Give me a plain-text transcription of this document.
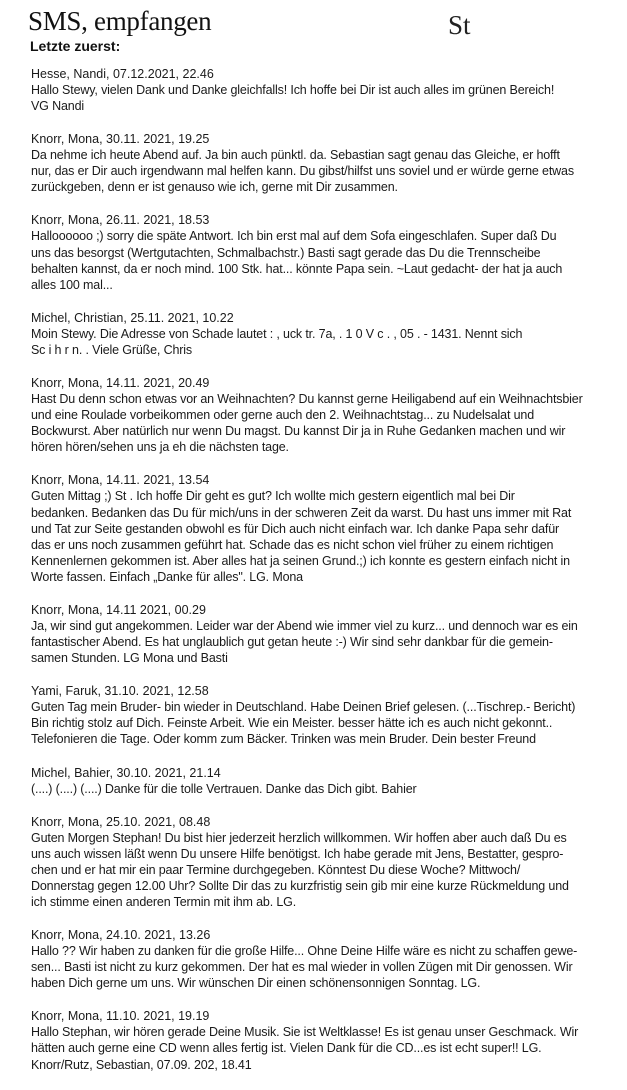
SMS, empfangen	St
Letzte zuerst:
Hesse, Nandi, 07.12.2021, 22.46
Hallo Stewy, vielen Dank und Danke gleichfalls! Ich hoffe bei Dir ist auch alles im grünen Bereich!
VG Nandi
Knorr, Mona, 30.11. 2021, 19.25
Da nehme ich heute Abend auf. Ja bin auch pünktl. da. Sebastian sagt genau das Gleiche, er hofft
nur, das er Dir auch irgendwann mal helfen kann. Du gibst/hilfst uns soviel und er würde gerne etwas
zurückgeben, denn er ist genauso wie ich, gerne mit Dir zusammen.
Knorr, Mona, 26.11. 2021, 18.53
Halloooooo ;) sorry die späte Antwort. Ich bin erst mal auf dem Sofa eingeschlafen. Super daß Du
uns das besorgst (Wertgutachten, Schmalbachstr.) Basti sagt gerade das Du die Trennscheibe
behalten kannst, da er noch mind. 100 Stk. hat... könnte Papa sein. ~Laut gedacht- der hat ja auch
alles 100 mal...
Michel, Christian, 25.11. 2021, 10.22
Moin Stewy. Die Adresse von Schade lautet : , uck tr. 7a, . 1 0 V c . , 05 . - 1431. Nennt sich
Sc i h r n. . Viele Grüße, Chris
Knorr, Mona, 14.11. 2021, 20.49
Hast Du denn schon etwas vor an Weihnachten? Du kannst gerne Heiligabend auf ein Weihnachtsbier
und eine Roulade vorbeikommen oder gerne auch den 2. Weihnachtstag... zu Nudelsalat und
Bockwurst. Aber natürlich nur wenn Du magst. Du kannst Dir ja in Ruhe Gedanken machen und wir
hören hören/sehen uns ja eh die nächsten tage.
Knorr, Mona, 14.11. 2021, 13.54
Guten Mittag ;) St . Ich hoffe Dir geht es gut? Ich wollte mich gestern eigentlich mal bei Dir
bedanken. Bedanken das Du für mich/uns in der schweren Zeit da warst. Du hast uns immer mit Rat
und Tat zur Seite gestanden obwohl es für Dich auch nicht einfach war. Ich danke Papa sehr dafür
das er uns noch zusammen geführt hat. Schade das es nicht schon viel früher zu einem richtigen
Kennenlernen gekommen ist. Aber alles hat ja seinen Grund.;) ich konnte es gestern einfach nicht in
Worte fassen. Einfach „Danke für alles". LG. Mona
Knorr, Mona, 14.11 2021, 00.29
Ja, wir sind gut angekommen. Leider war der Abend wie immer viel zu kurz... und dennoch war es ein
fantastischer Abend. Es hat unglaublich gut getan heute :-) Wir sind sehr dankbar für die gemein-
samen Stunden. LG Mona und Basti
Yami, Faruk, 31.10. 2021, 12.58
Guten Tag mein Bruder- bin wieder in Deutschland. Habe Deinen Brief gelesen. (...Tischrep.- Bericht)
Bin richtig stolz auf Dich. Feinste Arbeit. Wie ein Meister. besser hätte ich es auch nicht gekonnt..
Telefonieren die Tage. Oder komm zum Bäcker. Trinken was mein Bruder. Dein bester Freund
Michel, Bahier, 30.10. 2021, 21.14
(....) (....) (....) Danke für die tolle Vertrauen. Danke das Dich gibt. Bahier
Knorr, Mona, 25.10. 2021, 08.48
Guten Morgen Stephan! Du bist hier jederzeit herzlich willkommen. Wir hoffen aber auch daß Du es
uns auch wissen läßt wenn Du unsere Hilfe benötigst. Ich habe gerade mit Jens, Bestatter, gespro-
chen und er hat mir ein paar Termine durchgegeben. Könntest Du diese Woche? Mittwoch/
Donnerstag gegen 12.00 Uhr? Sollte Dir das zu kurzfristig sein gib mir eine kurze Rückmeldung und
ich stimme einen anderen Termin mit ihm ab. LG.
Knorr, Mona, 24.10. 2021, 13.26
Hallo ?? Wir haben zu danken für die große Hilfe... Ohne Deine Hilfe wäre es nicht zu schaffen gewe-
sen... Basti ist nicht zu kurz gekommen. Der hat es mal wieder in vollen Zügen mit Dir genossen. Wir
haben Dich gerne um uns. Wir wünschen Dir einen schönensonnigen Sonntag. LG.
Knorr, Mona, 11.10. 2021, 19.19
Hallo Stephan, wir hören gerade Deine Musik. Sie ist Weltklasse! Es ist genau unser Geschmack. Wir
hätten auch gerne eine CD wenn alles fertig ist. Vielen Dank für die CD...es ist echt super!! LG.
Knorr/Rutz, Sebastian, 07.09. 202, 18.41
